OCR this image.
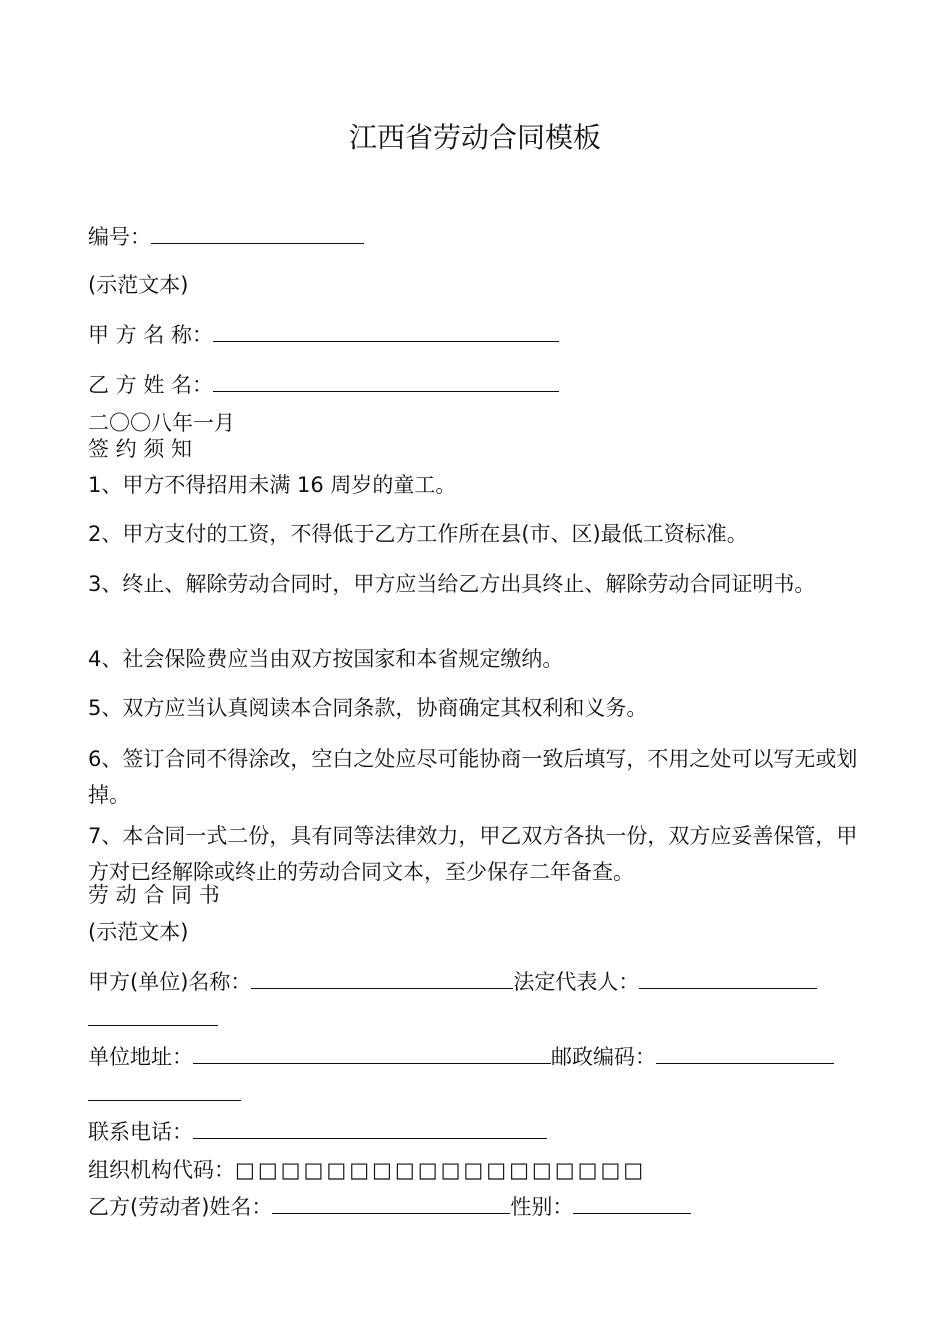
江西省劳动合同模板
编号：
(示范文本)
甲 方 名 称：
乙 方 姓 名：
二〇〇八年一月
签 约 须 知
1、甲方不得招用未满 16 周岁的童工。
2、甲方支付的工资，不得低于乙方工作所在县(市、区)最低工资标准。
3、终止、解除劳动合同时，甲方应当给乙方出具终止、解除劳动合同证明书。
4、社会保险费应当由双方按国家和本省规定缴纳。
5、双方应当认真阅读本合同条款，协商确定其权利和义务。
6、签订合同不得涂改，空白之处应尽可能协商一致后填写，不用之处可以写无或划掉。
7、本合同一式二份，具有同等法律效力，甲乙双方各执一份，双方应妥善保管，甲方对已经解除或终止的劳动合同文本，至少保存二年备查。
劳 动 合 同 书
(示范文本)
甲方(单位)名称：	法定代表人：
单位地址：	邮政编码：
联系电话：
组织机构代码：□□□□□□□□□□□□□□□□□□
乙方(劳动者)姓名：	性别：
